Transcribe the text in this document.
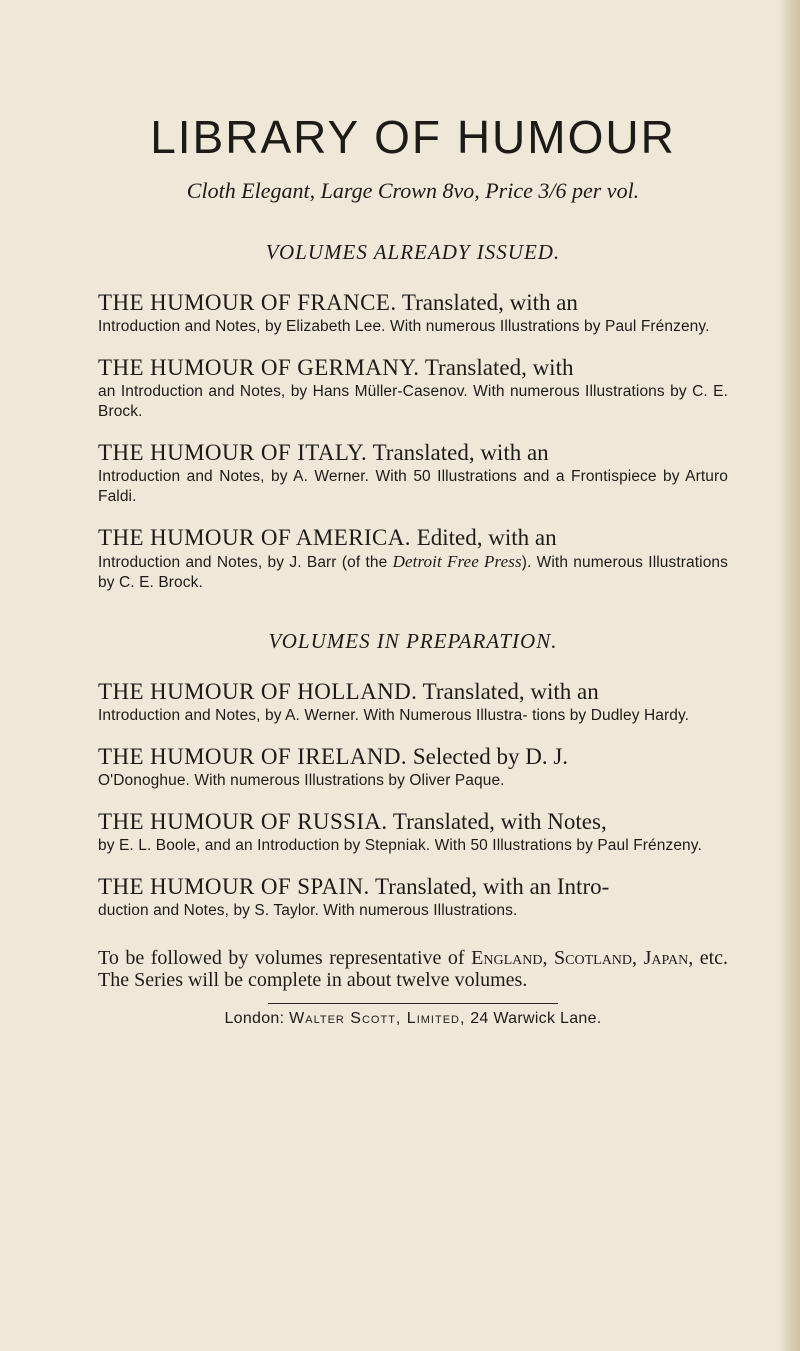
LIBRARY OF HUMOUR
Cloth Elegant, Large Crown 8vo, Price 3/6 per vol.
VOLUMES ALREADY ISSUED.
THE HUMOUR OF FRANCE. Translated, with an
Introduction and Notes, by Elizabeth Lee. With numerous Illustrations by Paul Frénzeny.
THE HUMOUR OF GERMANY. Translated, with
an Introduction and Notes, by Hans Müller-Casenov. With numerous Illustrations by C. E. Brock.
THE HUMOUR OF ITALY. Translated, with an
Introduction and Notes, by A. Werner. With 50 Illustrations and a Frontispiece by Arturo Faldi.
THE HUMOUR OF AMERICA. Edited, with an
Introduction and Notes, by J. Barr (of the Detroit Free Press). With numerous Illustrations by C. E. Brock.
VOLUMES IN PREPARATION.
THE HUMOUR OF HOLLAND. Translated, with an
Introduction and Notes, by A. Werner. With Numerous Illustra- tions by Dudley Hardy.
THE HUMOUR OF IRELAND. Selected by D. J.
O'Donoghue. With numerous Illustrations by Oliver Paque.
THE HUMOUR OF RUSSIA. Translated, with Notes,
by E. L. Boole, and an Introduction by Stepniak. With 50 Illustrations by Paul Frénzeny.
THE HUMOUR OF SPAIN. Translated, with an Intro-
duction and Notes, by S. Taylor. With numerous Illustrations.
To be followed by volumes representative of England, Scotland, Japan, etc. The Series will be complete in about twelve volumes.
London: Walter Scott, Limited, 24 Warwick Lane.
